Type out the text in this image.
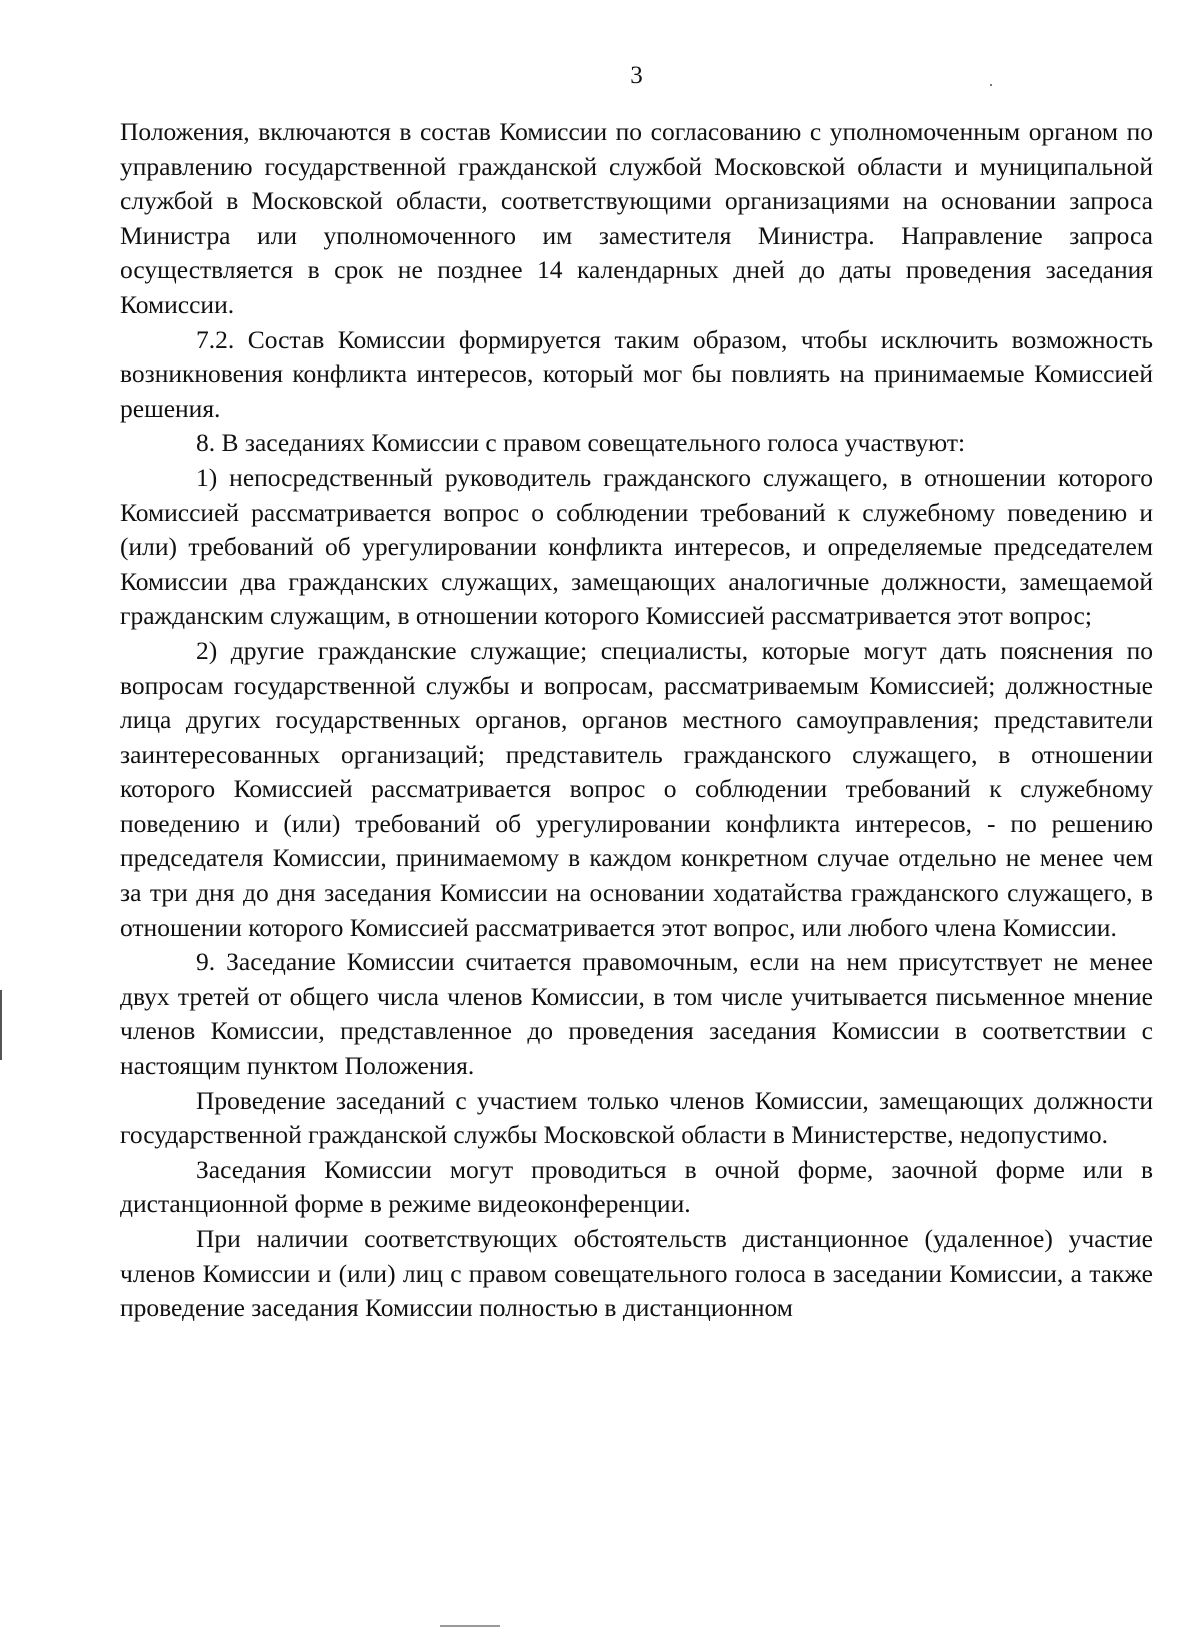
3

Положения, включаются в состав Комиссии по согласованию с уполномоченным органом по управлению государственной гражданской службой Московской области и муниципальной службой в Московской области, соответствующими организациями на основании запроса Министра или уполномоченного им заместителя Министра. Направление запроса осуществляется в срок не позднее 14 календарных дней до даты проведения заседания Комиссии.

7.2. Состав Комиссии формируется таким образом, чтобы исключить возможность возникновения конфликта интересов, который мог бы повлиять на принимаемые Комиссией решения.

8. В заседаниях Комиссии с правом совещательного голоса участвуют:

1) непосредственный руководитель гражданского служащего, в отношении которого Комиссией рассматривается вопрос о соблюдении требований к служебному поведению и (или) требований об урегулировании конфликта интересов, и определяемые председателем Комиссии два гражданских служащих, замещающих аналогичные должности, замещаемой гражданским служащим, в отношении которого Комиссией рассматривается этот вопрос;

2) другие гражданские служащие; специалисты, которые могут дать пояснения по вопросам государственной службы и вопросам, рассматриваемым Комиссией; должностные лица других государственных органов, органов местного самоуправления; представители заинтересованных организаций; представитель гражданского служащего, в отношении которого Комиссией рассматривается вопрос о соблюдении требований к служебному поведению и (или) требований об урегулировании конфликта интересов, - по решению председателя Комиссии, принимаемому в каждом конкретном случае отдельно не менее чем за три дня до дня заседания Комиссии на основании ходатайства гражданского служащего, в отношении которого Комиссией рассматривается этот вопрос, или любого члена Комиссии.

9. Заседание Комиссии считается правомочным, если на нем присутствует не менее двух третей от общего числа членов Комиссии, в том числе учитывается письменное мнение членов Комиссии, представленное до проведения заседания Комиссии в соответствии с настоящим пунктом Положения.

Проведение заседаний с участием только членов Комиссии, замещающих должности государственной гражданской службы Московской области в Министерстве, недопустимо.

Заседания Комиссии могут проводиться в очной форме, заочной форме или в дистанционной форме в режиме видеоконференции.

При наличии соответствующих обстоятельств дистанционное (удаленное) участие членов Комиссии и (или) лиц с правом совещательного голоса в заседании Комиссии, а также проведение заседания Комиссии полностью в дистанционном
